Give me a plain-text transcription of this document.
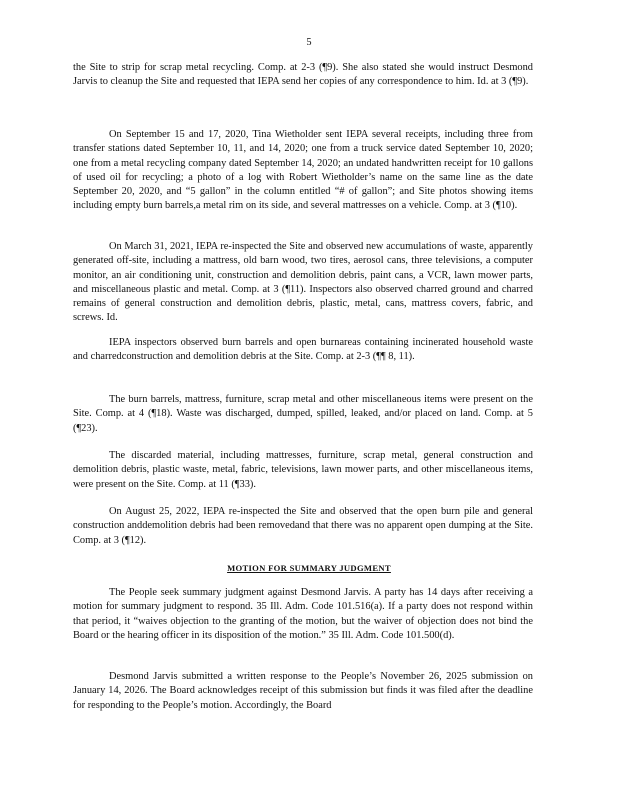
5

the Site to strip for scrap metal recycling. Comp. at 2-3 (¶9). She also stated she would instruct Desmond Jarvis to cleanup the Site and requested that IEPA send her copies of any correspondence to him. Id. at 3 (¶9).

On September 15 and 17, 2020, Tina Wietholder sent IEPA several receipts, including three from transfer stations dated September 10, 11, and 14, 2020; one from a truck service dated September 10, 2020; one from a metal recycling company dated September 14, 2020; an undated handwritten receipt for 10 gallons of used oil for recycling; a photo of a log with Robert Wietholder’s name on the same line as the date September 20, 2020, and “5 gallon” in the column entitled “# of gallon”; and Site photos showing items including empty burn barrels,a metal rim on its side, and several mattresses on a vehicle. Comp. at 3 (¶10).

On March 31, 2021, IEPA re-inspected the Site and observed new accumulations of waste, apparently generated off-site, including a mattress, old barn wood, two tires, aerosol cans, three televisions, a computer monitor, an air conditioning unit, construction and demolition debris, paint cans, a VCR, lawn mower parts, and miscellaneous plastic and metal. Comp. at 3 (¶11). Inspectors also observed charred ground and charred remains of general construction and demolition debris, plastic, metal, cans, mattress covers, fabric, and screws. Id.

IEPA inspectors observed burn barrels and open burnareas containing incinerated household waste and charredconstruction and demolition debris at the Site. Comp. at 2-3 (¶¶ 8, 11).

The burn barrels, mattress, furniture, scrap metal and other miscellaneous items were present on the Site. Comp. at 4 (¶18). Waste was discharged, dumped, spilled, leaked, and/or placed on land. Comp. at 5 (¶23).

The discarded material, including mattresses, furniture, scrap metal, general construction and demolition debris, plastic waste, metal, fabric, televisions, lawn mower parts, and other miscellaneous items, were present on the Site. Comp. at 11 (¶33).

On August 25, 2022, IEPA re-inspected the Site and observed that the open burn pile and general construction anddemolition debris had been removedand that there was no apparent open dumping at the Site. Comp. at 3 (¶12).

MOTION FOR SUMMARY JUDGMENT

The People seek summary judgment against Desmond Jarvis. A party has 14 days after receiving a motion for summary judgment to respond. 35 Ill. Adm. Code 101.516(a). If a party does not respond within that period, it “waives objection to the granting of the motion, but the waiver of objection does not bind the Board or the hearing officer in its disposition of the motion.” 35 Ill. Adm. Code 101.500(d).

Desmond Jarvis submitted a written response to the People’s November 26, 2025 submission on January 14, 2026. The Board acknowledges receipt of this submission but finds it was filed after the deadline for responding to the People’s motion. Accordingly, the Board
